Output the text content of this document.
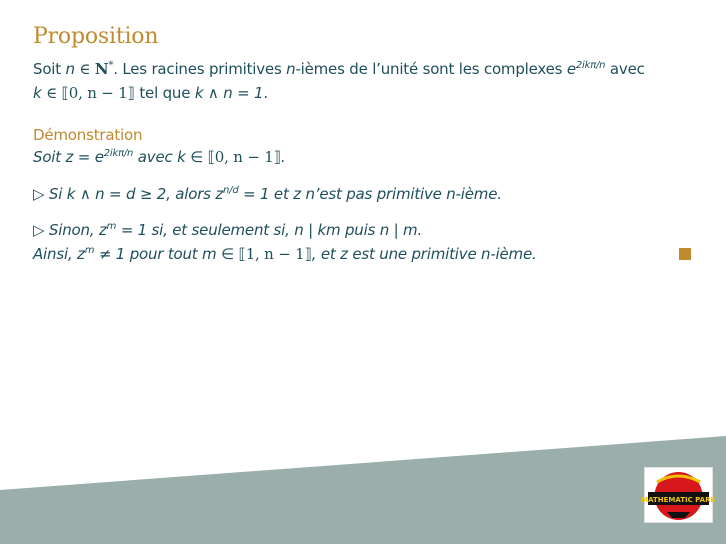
Proposition
Soit n ∈ N*. Les racines primitives n-ièmes de l’unité sont les complexes $e^{2ik\pi/n}$ avec
k ∈ ⟦0, n − 1⟧ tel que k ∧ n = 1.
Démonstration
Soit $z = e^{2ik\pi/n}$ avec k ∈ ⟦0, n − 1⟧.
▷ Si k ∧ n = d ≥ 2, alors $z^{n/d} = 1$ et z n’est pas primitive n-ième.
▷ Sinon, $z^m = 1$ si, et seulement si, n | km puis n | m.
Ainsi, $z^m \ne 1$ pour tout m ∈ ⟦1, n − 1⟧, et z est une primitive n-ième.
MATHEMATIC PARK
